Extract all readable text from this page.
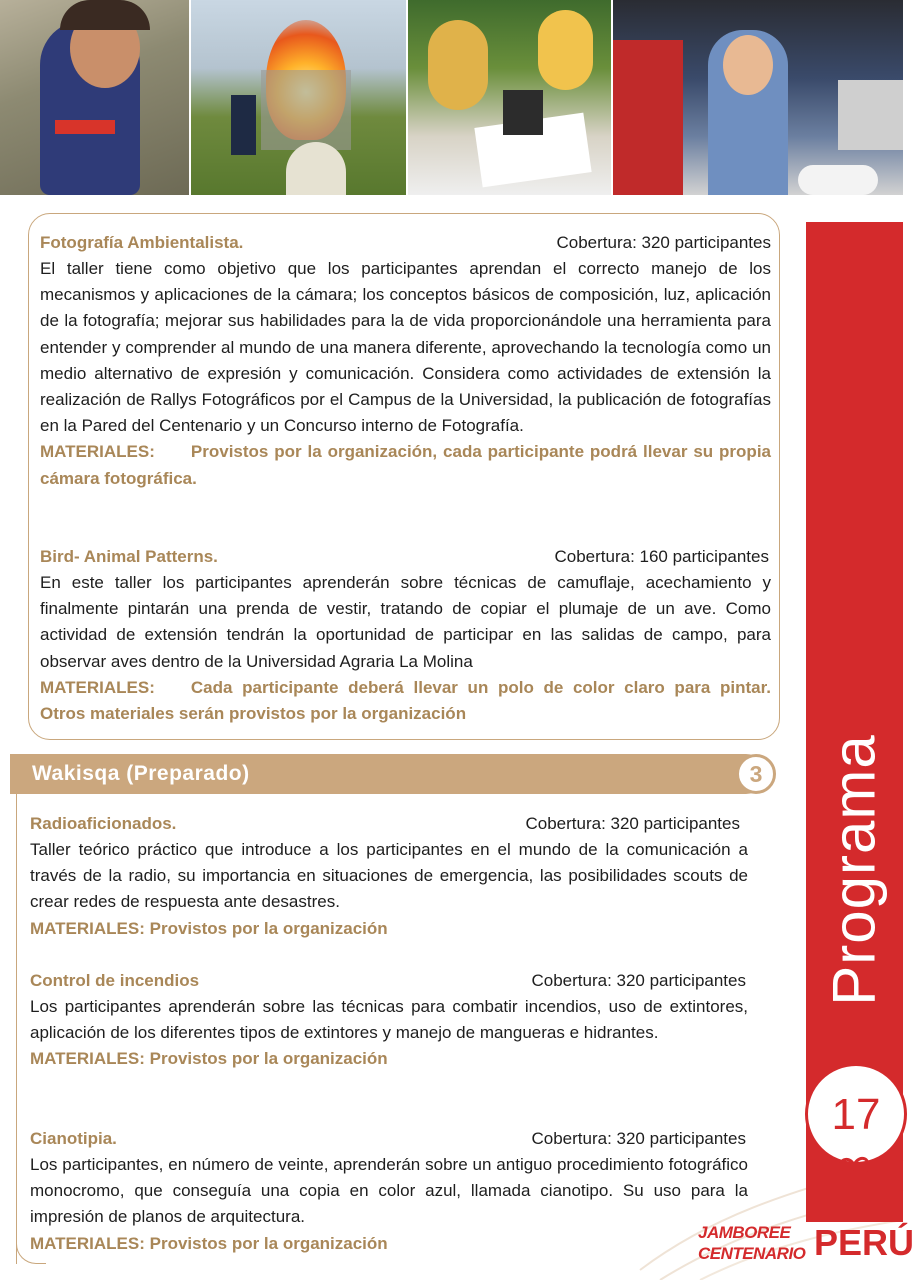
Fotografía Ambientalista.	Cobertura: 320 participantes
El taller tiene como objetivo que los participantes aprendan el correcto manejo de los mecanismos y aplicaciones de la cámara; los conceptos básicos de composición, luz, aplicación de la fotografía; mejorar sus habilidades para la de vida proporcionándole una herramienta para entender y comprender al mundo de una manera diferente, aprovechando la tecnología como un medio alternativo de expresión y comunicación. Considera como actividades de extensión la realización de Rallys Fotográficos por el Campus de la Universidad, la publicación de fotografías en la Pared del Centenario y un Concurso interno de Fotografía.
MATERIALES: Provistos por la organización, cada participante podrá llevar su propia cámara fotográfica.
Bird- Animal Patterns.	Cobertura: 160 participantes
En este taller los participantes aprenderán sobre técnicas de camuflaje, acechamiento y finalmente pintarán una prenda de vestir, tratando de copiar el plumaje de un ave. Como actividad de extensión tendrán la oportunidad de participar en las salidas de campo, para observar aves dentro de la Universidad Agraria La Molina
MATERIALES: Cada participante deberá llevar un polo de color claro para pintar. Otros materiales serán provistos por la organización
Wakisqa (Preparado)	3
Radioaficionados.	Cobertura: 320 participantes
Taller teórico práctico que introduce a los participantes en el mundo de la comunicación a través de la radio, su importancia en situaciones de emergencia, las posibilidades scouts de crear redes de respuesta ante desastres.
MATERIALES: Provistos por la organización
Control de incendios	Cobertura: 320 participantes
Los participantes aprenderán sobre las técnicas para combatir incendios, uso de extintores, aplicación de los diferentes tipos de extintores y manejo de mangueras e hidrantes.
MATERIALES: Provistos por la organización
Cianotipia.	Cobertura: 320 participantes
Los participantes, en número de veinte, aprenderán sobre un antiguo procedimiento fotográfico monocromo, que conseguía una copia en color azul, llamada cianotipo. Su uso para la impresión de planos de arquitectura.
MATERIALES: Provistos por la organización
Programa
17
JAMBOREE
CENTENARIO PERÚ
